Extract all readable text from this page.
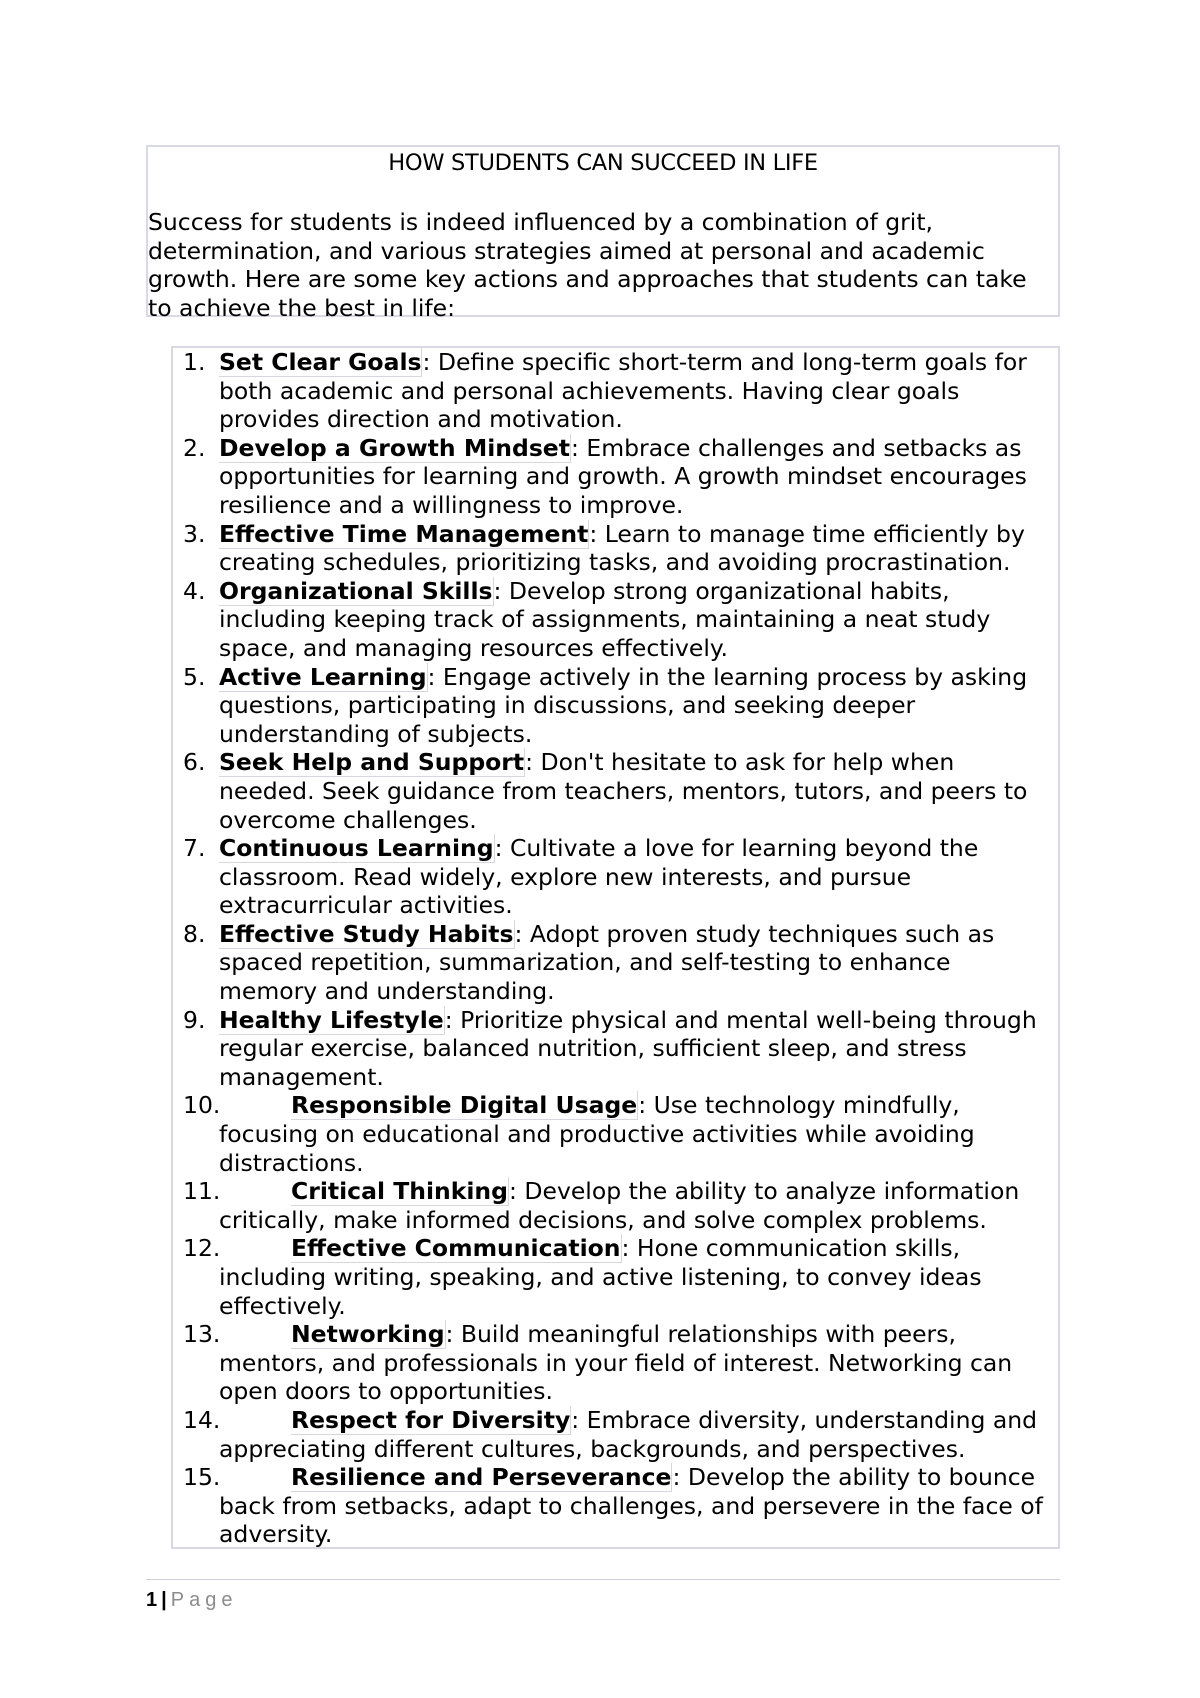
HOW STUDENTS CAN SUCCEED IN LIFE
Success for students is indeed influenced by a combination of grit, determination, and various strategies aimed at personal and academic growth. Here are some key actions and approaches that students can take to achieve the best in life:
1. Set Clear Goals: Define specific short-term and long-term goals for both academic and personal achievements. Having clear goals provides direction and motivation.
2. Develop a Growth Mindset: Embrace challenges and setbacks as opportunities for learning and growth. A growth mindset encourages resilience and a willingness to improve.
3. Effective Time Management: Learn to manage time efficiently by creating schedules, prioritizing tasks, and avoiding procrastination.
4. Organizational Skills: Develop strong organizational habits, including keeping track of assignments, maintaining a neat study space, and managing resources effectively.
5. Active Learning: Engage actively in the learning process by asking questions, participating in discussions, and seeking deeper understanding of subjects.
6. Seek Help and Support: Don't hesitate to ask for help when needed. Seek guidance from teachers, mentors, tutors, and peers to overcome challenges.
7. Continuous Learning: Cultivate a love for learning beyond the classroom. Read widely, explore new interests, and pursue extracurricular activities.
8. Effective Study Habits: Adopt proven study techniques such as spaced repetition, summarization, and self-testing to enhance memory and understanding.
9. Healthy Lifestyle: Prioritize physical and mental well-being through regular exercise, balanced nutrition, sufficient sleep, and stress management.
10.	Responsible Digital Usage: Use technology mindfully, focusing on educational and productive activities while avoiding distractions.
11.	Critical Thinking: Develop the ability to analyze information critically, make informed decisions, and solve complex problems.
12.	Effective Communication: Hone communication skills, including writing, speaking, and active listening, to convey ideas effectively.
13.	Networking: Build meaningful relationships with peers, mentors, and professionals in your field of interest. Networking can open doors to opportunities.
14.	Respect for Diversity: Embrace diversity, understanding and appreciating different cultures, backgrounds, and perspectives.
15.	Resilience and Perseverance: Develop the ability to bounce back from setbacks, adapt to challenges, and persevere in the face of adversity.
1 | Page
